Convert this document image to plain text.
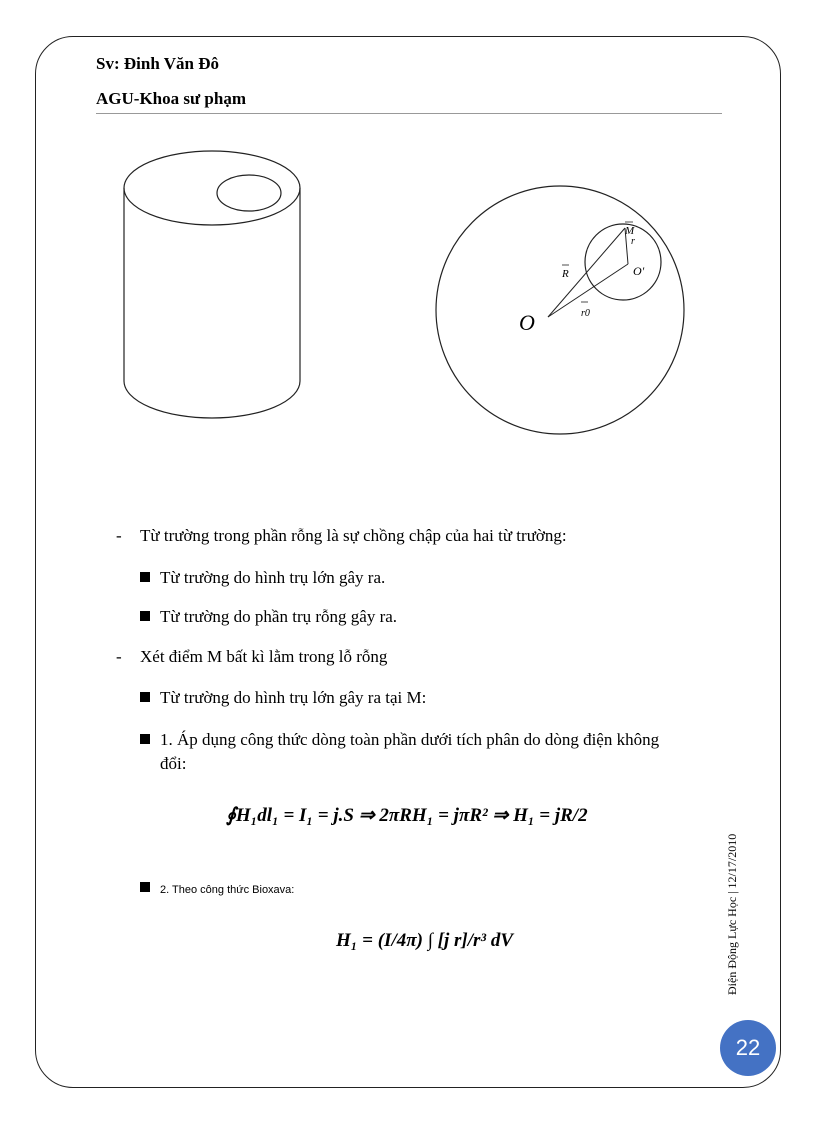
Sv: Đinh Văn Đô
AGU-Khoa sư phạm
O
O'
M
r
R
r0
- Từ trường trong phần rỗng là sự chồng chập của hai từ trường:
Từ trường do hình trụ lớn gây ra.
Từ trường do phần trụ rỗng gây ra.
- Xét điểm M bất kì lằm trong lỗ rỗng
Từ trường do hình trụ lớn gây ra tại M:
1. Áp dụng công thức dòng toàn phần dưới tích phân do dòng điện không
đổi:
∮H₁dl₁ = I₁ = j.S ⇒ 2πRH₁ = jπR² ⇒ H₁ = jR/2
2. Theo công thức Bioxava:
H₁ = (I/4π) ∫ [j r]/r³ dV	Điện Động Lực Học | 12/17/2010
22
